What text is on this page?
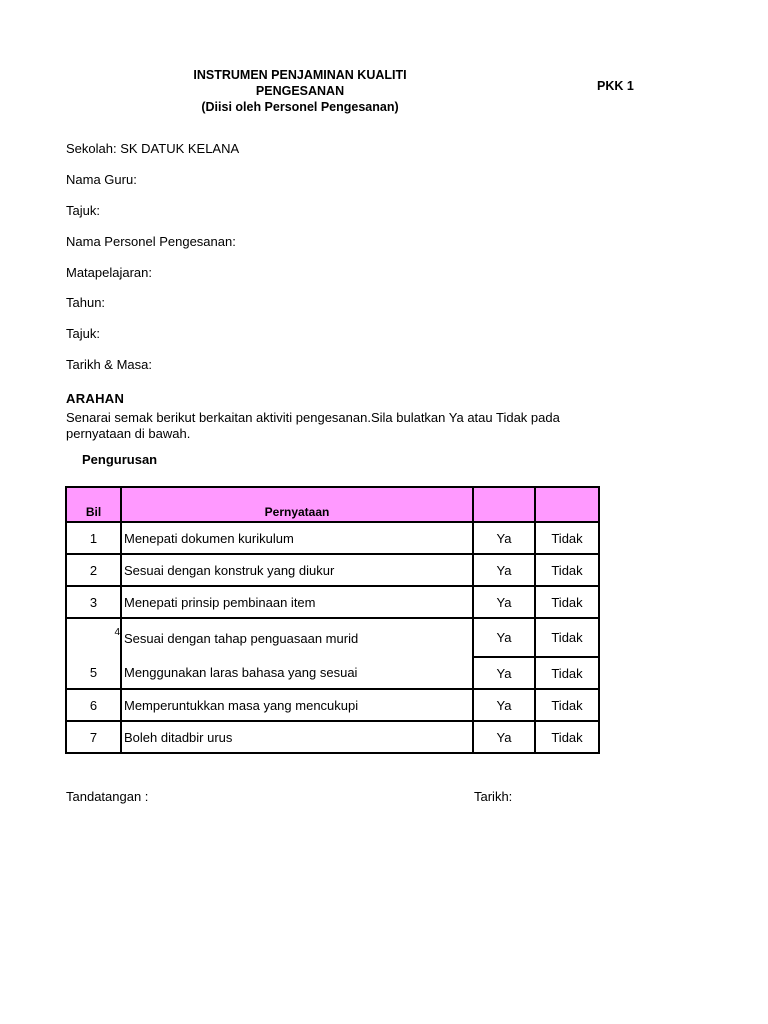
INSTRUMEN PENJAMINAN KUALITI
PENGESANAN
(Diisi oleh Personel Pengesanan)
PKK 1
Sekolah: SK DATUK KELANA
Nama Guru:
Tajuk:
Nama Personel Pengesanan:
Matapelajaran:
Tahun:
Tajuk:
Tarikh & Masa:
ARAHAN
Senarai semak berikut berkaitan aktiviti pengesanan.Sila bulatkan Ya atau Tidak pada pernyataan di bawah.
Pengurusan
Bil	Pernyataan		
1	Menepati dokumen kurikulum	Ya	Tidak
2	Sesuai dengan konstruk yang diukur	Ya	Tidak
3	Menepati prinsip pembinaan item	Ya	Tidak
4	Sesuai dengan tahap penguasaan murid	Ya	Tidak
5	Menggunakan laras bahasa yang sesuai	Ya	Tidak
6	Memperuntukkan masa yang mencukupi	Ya	Tidak
7	Boleh ditadbir urus	Ya	Tidak
Tandatangan :	Tarikh:
